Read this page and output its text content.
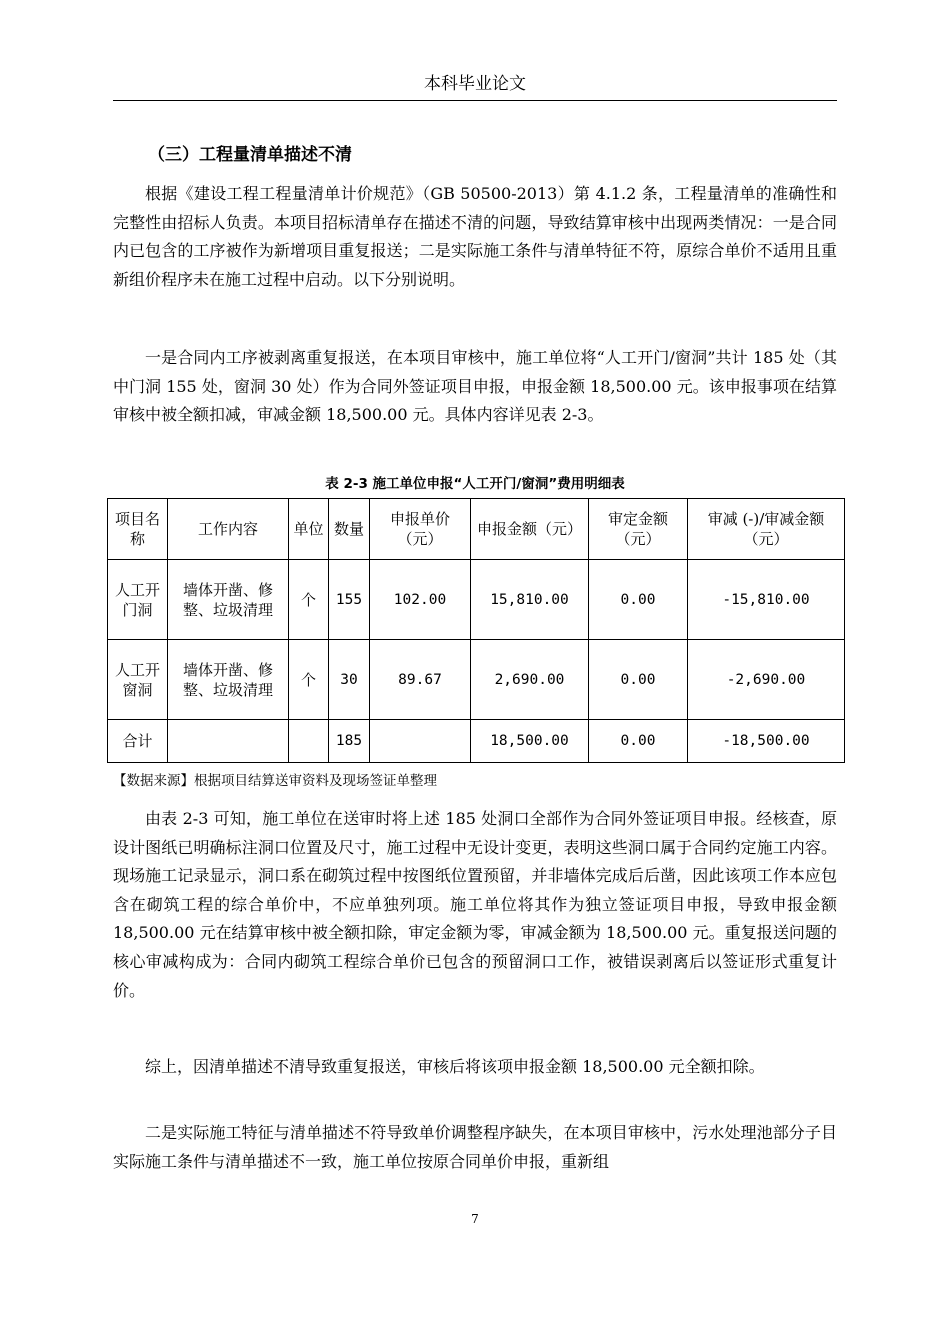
本科毕业论文
（三）工程量清单描述不清

根据《建设工程工程量清单计价规范》（GB 50500-2013）第 4.1.2 条，工程量清单的准确性和完整性由招标人负责。本项目招标清单存在描述不清的问题，导致结算审核中出现两类情况：一是合同内已包含的工序被作为新增项目重复报送；二是实际施工条件与清单特征不符，原综合单价不适用且重新组价程序未在施工过程中启动。以下分别说明。

一是合同内工序被剥离重复报送，在本项目审核中，施工单位将“人工开门/窗洞”共计 185 处（其中门洞 155 处，窗洞 30 处）作为合同外签证项目申报，申报金额 18,500.00 元。该申报事项在结算审核中被全额扣减，审减金额 18,500.00 元。具体内容详见表 2-3。

表 2-3 施工单位申报“人工开门/窗洞”费用明细表
项目名称	工作内容	单位	数量	申报单价（元）	申报金额（元）	审定金额（元）	审减 (-)/审减金额（元）
人工开门洞	墙体开凿、修整、垃圾清理	个	155	102.00	15,810.00	0.00	-15,810.00
人工开窗洞	墙体开凿、修整、垃圾清理	个	30	89.67	2,690.00	0.00	-2,690.00
合计			185		18,500.00	0.00	-18,500.00
【数据来源】根据项目结算送审资料及现场签证单整理

由表 2-3 可知，施工单位在送审时将上述 185 处洞口全部作为合同外签证项目申报。经核查，原设计图纸已明确标注洞口位置及尺寸，施工过程中无设计变更，表明这些洞口属于合同约定施工内容。现场施工记录显示，洞口系在砌筑过程中按图纸位置预留，并非墙体完成后后凿，因此该项工作本应包含在砌筑工程的综合单价中，不应单独列项。施工单位将其作为独立签证项目申报，导致申报金额 18,500.00 元在结算审核中被全额扣除，审定金额为零，审减金额为 18,500.00 元。重复报送问题的核心审减构成为：合同内砌筑工程综合单价已包含的预留洞口工作，被错误剥离后以签证形式重复计价。

综上，因清单描述不清导致重复报送，审核后将该项申报金额 18,500.00 元全额扣除。

二是实际施工特征与清单描述不符导致单价调整程序缺失，在本项目审核中，污水处理池部分子目实际施工条件与清单描述不一致，施工单位按原合同单价申报，重新组

7
